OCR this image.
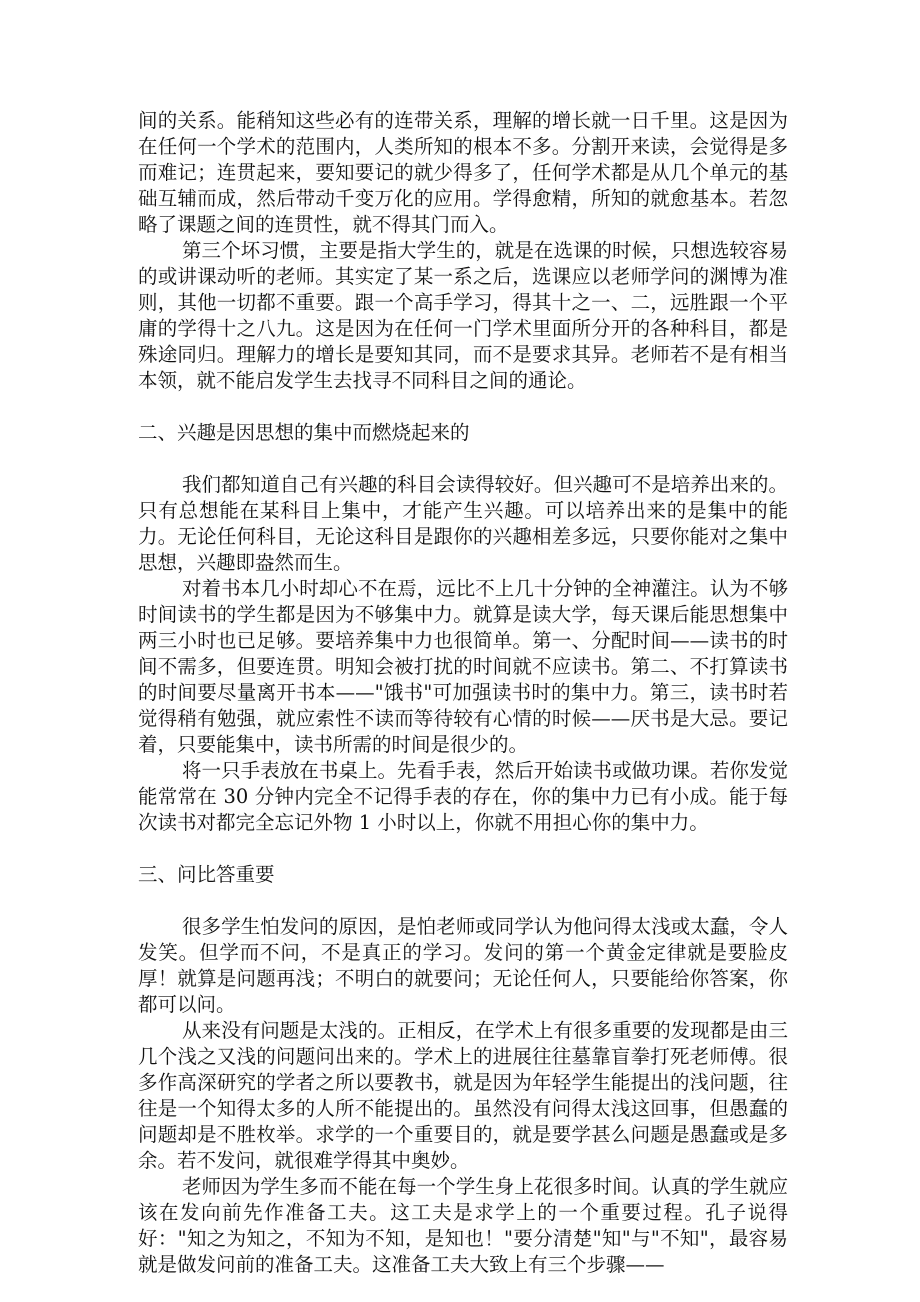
间的关系。能稍知这些必有的连带关系，理解的增长就一日千里。这是因为在任何一个学术的范围内，人类所知的根本不多。分割开来读，会觉得是多而难记；连贯起来，要知要记的就少得多了，任何学术都是从几个单元的基础互辅而成，然后带动千变万化的应用。学得愈精，所知的就愈基本。若忽略了课题之间的连贯性，就不得其门而入。

第三个坏习惯，主要是指大学生的，就是在选课的时候，只想选较容易的或讲课动听的老师。其实定了某一系之后，选课应以老师学问的渊博为准则，其他一切都不重要。跟一个高手学习，得其十之一、二，远胜跟一个平庸的学得十之八九。这是因为在任何一门学术里面所分开的各种科目，都是殊途同归。理解力的增长是要知其同，而不是要求其异。老师若不是有相当本领，就不能启发学生去找寻不同科目之间的通论。

二、兴趣是因思想的集中而燃烧起来的

我们都知道自己有兴趣的科目会读得较好。但兴趣可不是培养出来的。只有总想能在某科目上集中，才能产生兴趣。可以培养出来的是集中的能力。无论任何科目，无论这科目是跟你的兴趣相差多远，只要你能对之集中思想，兴趣即盎然而生。

对着书本几小时却心不在焉，远比不上几十分钟的全神灌注。认为不够时间读书的学生都是因为不够集中力。就算是读大学，每天课后能思想集中两三小时也已足够。要培养集中力也很简单。第一、分配时间——读书的时间不需多，但要连贯。明知会被打扰的时间就不应读书。第二、不打算读书的时间要尽量离开书本——"饿书"可加强读书时的集中力。第三，读书时若觉得稍有勉强，就应索性不读而等待较有心情的时候——厌书是大忌。要记着，只要能集中，读书所需的时间是很少的。

将一只手表放在书桌上。先看手表，然后开始读书或做功课。若你发觉能常常在 30 分钟内完全不记得手表的存在，你的集中力已有小成。能于每次读书对都完全忘记外物 1 小时以上，你就不用担心你的集中力。

三、问比答重要

很多学生怕发问的原因，是怕老师或同学认为他问得太浅或太蠢，令人发笑。但学而不问，不是真正的学习。发问的第一个黄金定律就是要脸皮厚！就算是问题再浅；不明白的就要问；无论任何人，只要能给你答案，你都可以问。

从来没有问题是太浅的。正相反，在学术上有很多重要的发现都是由三几个浅之又浅的问题问出来的。学术上的进展往往墓靠盲拳打死老师傅。很多作高深研究的学者之所以要教书，就是因为年轻学生能提出的浅问题，往往是一个知得太多的人所不能提出的。虽然没有问得太浅这回事，但愚蠢的问题却是不胜枚举。求学的一个重要目的，就是要学甚么问题是愚蠢或是多余。若不发问，就很难学得其中奥妙。

老师因为学生多而不能在每一个学生身上花很多时间。认真的学生就应该在发向前先作准备工夫。这工夫是求学上的一个重要过程。孔子说得好："知之为知之，不知为不知，是知也！"要分清楚"知"与"不知"，最容易就是做发问前的准备工夫。这准备工夫大致上有三个步骤——
